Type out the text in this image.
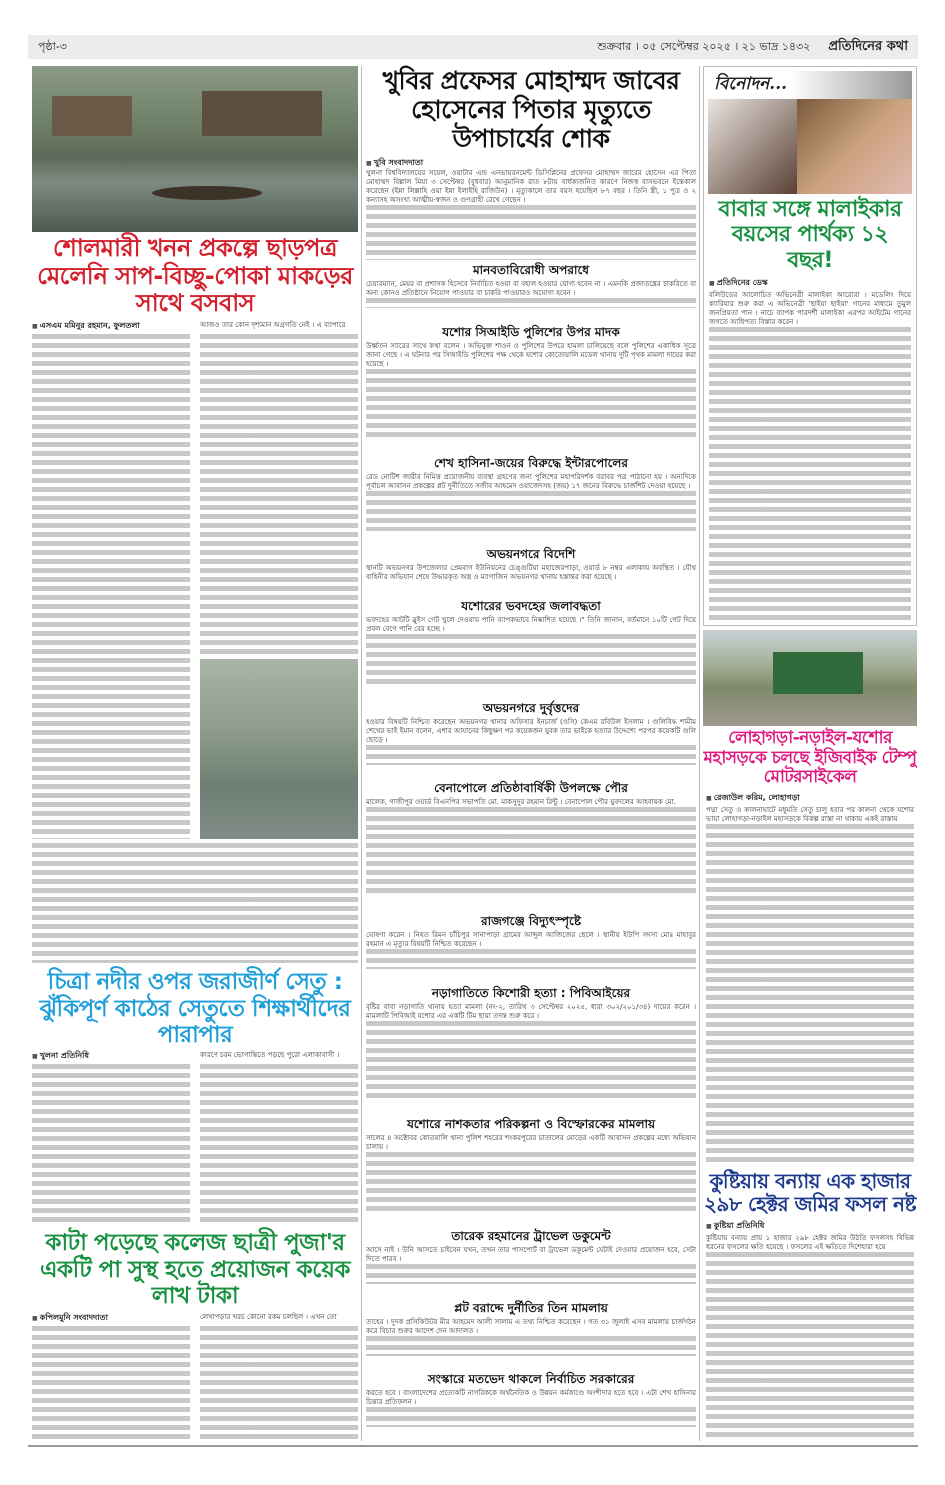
পৃষ্ঠা-৩	শুক্রবার । ০৫ সেপ্টেম্বর ২০২৫ । ২১ ভাদ্র ১৪৩২ প্রতিদিনের কথা
শোলমারী খনন প্রকল্পে ছাড়পত্র মেলেনি সাপ-বিচ্ছু-পোকা মাকড়ের সাথে বসবাস
■ এসএম মমিনুর রহমান, ফুলতলা	আজও তার কোন দৃশ্যমান অগ্রগতি নেই । এ ব্যাপারে
চিত্রা নদীর ওপর জরাজীর্ণ সেতু : ঝুঁকিপূর্ণ কাঠের সেতুতে শিক্ষার্থীদের পারাপার
■ খুলনা প্রতিনিধি	কারণে চরম ভোগান্তিতে পড়ছে পুরো এলাকাবাসী ।
কাটা পড়েছে কলেজ ছাত্রী পুজা'র একটি পা সুস্থ হতে প্রয়োজন কয়েক লাখ টাকা
■ কপিলমুনি সংবাদদাতা	লেখাপড়ার খরচ কোনো রকম চলছিল । এখন তো
খুবির প্রফেসর মোহাম্মদ জাবের হোসেনের পিতার মৃত্যুতে উপাচার্যের শোক
■ খুবি সংবাদদাতা
খুলনা বিশ্ববিদ্যালয়ের সয়েল, ওয়াটার এন্ড এনভায়রনমেন্ট ডিসিপ্লিনের প্রফেসর মোহাম্মদ জাবের হোসেন এর পিতা মোহাম্মদ বিল্লাল মিয়া ৩ সেপ্টেম্বর (বুধবার) আনুমানিক রাত ৮টায় বার্ধক্যজনিত কারণে নিজস্ব বাসভবনে ইন্তেকাল করেছেন (ইন্না লিল্লাহি ওয়া ইন্না ইলাইহি রাজিউন) । মৃত্যুকালে তার বয়স হয়েছিল ৮৭ বছর । তিনি স্ত্রী, ১ পুত্র ও ২ কন্যাসহ অসংখ্য আত্মীয়-স্বজন ও গুণগ্রাহী রেখে গেছেন ।
মানবতাবিরোধী অপরাধে
চেয়ারম্যান, মেয়র বা প্রশাসক হিসেবে নির্বাচিত হওয়া বা বহাল হওয়ার যোগ্য হবেন না । এমনকি প্রজাতন্ত্রের চাকরিতে বা অন্য কোনও প্রতিষ্ঠানে নিয়োগ পাওয়ার বা চাকরি পাওয়ারও অযোগ্য হবেন ।
যশোর সিআইডি পুলিশের উপর মাদক
উর্ধ্বতন স্যারের সাথে কথা বলেন । অভিযুক্ত শাওন ও পুলিশের উপরে হামলা চালিয়েছে বলে পুলিশের একাধিক সূত্রে জানা গেছে । এ ঘটনার পর সিআইডি পুলিশের পক্ষ থেকে যশোর কোতোয়ালি মডেল থানায় দুটি পৃথক মামলা দায়ের করা হয়েছে ।
শেখ হাসিনা-জয়ের বিরুদ্ধে ইন্টারপোলের
রেড নোটিশ জারীর নিমিত্ত প্রয়োজনীয় ব্যবস্থা গ্রহণের জন্য পুলিশের মহাপরিদর্শক বরাবর পত্র পাঠানো হয় । অন্যদিকে পূর্বাচল আবাসন প্রকল্পের প্লট দুর্নীতিতে সজীব আহমেদ ওয়াজেদসহ (জয়) ১৭ জনের বিরুদ্ধে চার্জশিট দেওয়া হয়েছে ।
অভয়নগরে বিদেশি
স্থানটি অভয়নগর উপজেলার প্রেমবাগ ইউনিয়নের চেঙ্গুটিয়া মহাজেরপাড়া, ওয়ার্ড ৮ নম্বর এলাকায় অবস্থিত । যৌথ বাহিনীর অভিযান শেষে উদ্ধারকৃত অস্ত্র ও ম্যাগাজিন অভয়নগর থানায় হস্তান্তর করা হয়েছে ।
যশোরের ভবদহের জলাবদ্ধতা
ভবদহের আটটি স্লুইস গেট খুলে দেওয়ায় পানি ব্যাপকভাবে নিষ্কাশিত হয়েছে ।" তিনি জানান, বর্তমানে ১০টি গেট দিয়ে প্রবল বেগে পানি বের হচ্ছে ।
অভয়নগরে দুর্বৃত্তদের
হওয়ার বিষয়টি নিশ্চিত করেছেন অভয়নগর থানার অফিসার ইনচার্জ (ওসি) কেএম রবিউল ইসলাম । গুলিবিদ্ধ শামীম শেখের ভাই ইমান বলেন, এশার আযানের কিছুক্ষণ পর কয়েকজন যুবক তার ভাইকে হত্যার উদ্দেশ্যে পরপর কয়েকটি গুলি ছোড়ে ।
বেনাপোলে প্রতিষ্ঠাবার্ষিকী উপলক্ষে পৌর
মালেক, গাজীপুর ওয়ার্ড বিএনপির সভাপতি মো. মাকসুদুর রহমান রিন্টু । বেনাপোল পৌর যুবদলের আহবায়ক মো.
রাজগঞ্জে বিদ্যুৎস্পৃষ্টে
ঘোষণা করেন । নিহত রিমন চাঁচিপুর সানাপাড়া গ্রামের আব্দুল আজিজের ছেলে । স্থানীয় ইউপি সদস্য মোঃ মাহাবুর রহমান এ মৃত্যুর বিষয়টি নিশ্চিত করেছেন ।
নড়াগাতিতে কিশোরী হত্যা : পিবিআইয়ের
বৃষ্টির বাবা নড়াগাতি থানায় হত্যা মামলা (নং-২, তারিখ ৩ সেপ্টেম্বর ২০২৫, ধারা ৩০২/২০১/৩৪) দায়ের করেন । মামলাটি পিবিআই যশোর এর একটি টিম ছায়া তদন্ত শুরু করে ।
যশোরে নাশকতার পরিকল্পনা ও বিস্ফোরকের মামলায়
সালের ৪ অক্টোবর কোতয়ালি থানা পুলিশ শহরের শংকরপুরের চাতালের মোড়ের একটি আবাসন প্রকল্পের মধ্যে অভিযান চালায় ।
তারেক রহমানের ট্রাভেল ডকুমেন্ট
আসে নাই । উনি আসতে চাইবেন যখন, তখন তার পাসপোর্ট বা ট্রাভেল ডকুমেন্ট যেটাই দেওয়ার প্রয়োজন হবে, সেটা দিতে পারব ।
প্লট বরাদ্দে দুর্নীতির তিন মামলায়
তাহের । দুদক প্রসিকিউটর মীর আহমেদ আলী সালাম এ তথ্য নিশ্চিত করেছেন । গত ৩১ জুলাই এসব মামলায় চার্জগঠন করে বিচার শুরুর আদেশ দেন আদালত ।
সংস্কারে মতভেদ থাকলে নির্বাচিত সরকারের
করতে হবে । বাংলাদেশের প্রত্যেকটি নাগরিককে অর্থনৈতিক ও উন্নয়ন কর্মকাণ্ডে অংশীদার হতে হবে । এটা শেখ হাসিনার চিন্তার প্রতিফলন ।
বিনোদন...
বাবার সঙ্গে মালাইকার বয়সের পার্থক্য ১২ বছর!
■ প্রতিদিনের ডেস্ক
বলিউডের আলোচিত অভিনেত্রী মালাইকা আরোরা । মডেলিং দিয়ে ক্যারিয়ার শুরু করা এ অভিনেত্রী 'ছাইয়া ছাইয়া' গানের মাধ্যমে তুমুল জনপ্রিয়তা পান । নাচে ব্যাপক পারদর্শী মালাইকা এরপর আইটেম গানের জগতে আধিপত্য বিস্তার করেন ।
লোহাগড়া-নড়াইল-যশোর মহাসড়কে চলছে ইজিবাইক টেম্পু মোটরসাইকেল
■ রেজাউল করিম, লোহাগড়া
পদ্মা সেতু ও কালনাঘাটে মধুমতি সেতু চালু হবার পর কালনা থেকে যশোর ভায়া লোহাগড়া-নড়াইল মহাসড়কে বিকল্প রাস্তা না থাকায় একই রাস্তায়
কুষ্টিয়ায় বন্যায় এক হাজার ২৯৮ হেক্টর জমির ফসল নষ্ট
■ কুষ্টিয়া প্রতিনিধি
কুষ্টিয়ায় বন্যায় প্রায় ১ হাজার ২৯৮ হেক্টর জমির উঠতি ফসলসহ বিভিন্ন ধরনের ফসলের ক্ষতি হয়েছে । ফসলের এই ক্ষতিতে দিশেহারা হয়ে
